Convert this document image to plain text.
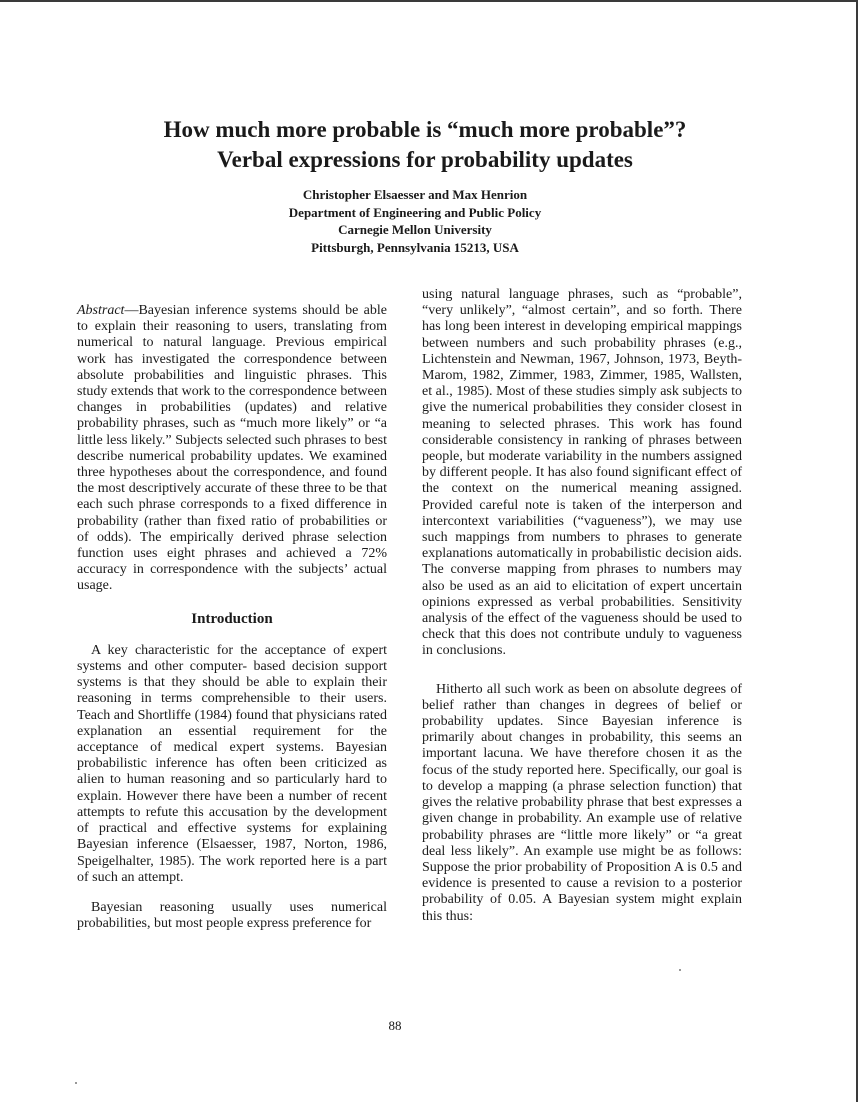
How much more probable is “much more probable”?
Verbal expressions for probability updates
Christopher Elsaesser and Max Henrion
Department of Engineering and Public Policy
Carnegie Mellon University
Pittsburgh, Pennsylvania 15213, USA

Abstract—Bayesian inference systems should be able to explain their reasoning to users, translating from numerical to natural language. Previous empirical work has investigated the correspondence between absolute probabilities and linguistic phrases. This study extends that work to the correspondence between changes in probabilities (updates) and relative probability phrases, such as “much more likely” or “a little less likely.” Subjects selected such phrases to best describe numerical probability updates. We examined three hypotheses about the correspondence, and found the most descriptively accurate of these three to be that each such phrase corresponds to a fixed difference in probability (rather than fixed ratio of probabilities or of odds). The empirically derived phrase selection function uses eight phrases and achieved a 72% accuracy in correspondence with the subjects’ actual usage.

Introduction

A key characteristic for the acceptance of expert systems and other computer- based decision support systems is that they should be able to explain their reasoning in terms comprehensible to their users. Teach and Shortliffe (1984) found that physicians rated explanation an essential requirement for the acceptance of medical expert systems. Bayesian probabilistic inference has often been criticized as alien to human reasoning and so particularly hard to explain. However there have been a number of recent attempts to refute this accusation by the development of practical and effective systems for explaining Bayesian inference (Elsaesser, 1987, Norton, 1986, Speigelhalter, 1985). The work reported here is a part of such an attempt.

Bayesian reasoning usually uses numerical probabilities, but most people express preference for

using natural language phrases, such as “probable”, “very unlikely”, “almost certain”, and so forth. There has long been interest in developing empirical mappings between numbers and such probability phrases (e.g., Lichtenstein and Newman, 1967, Johnson, 1973, Beyth-Marom, 1982, Zimmer, 1983, Zimmer, 1985, Wallsten, et al., 1985). Most of these studies simply ask subjects to give the numerical probabilities they consider closest in meaning to selected phrases. This work has found considerable consistency in ranking of phrases between people, but moderate variability in the numbers assigned by different people. It has also found significant effect of the context on the numerical meaning assigned. Provided careful note is taken of the interperson and intercontext variabilities (“vagueness”), we may use such mappings from numbers to phrases to generate explanations automatically in probabilistic decision aids. The converse mapping from phrases to numbers may also be used as an aid to elicitation of expert uncertain opinions expressed as verbal probabilities. Sensitivity analysis of the effect of the vagueness should be used to check that this does not contribute unduly to vagueness in conclusions.

Hitherto all such work as been on absolute degrees of belief rather than changes in degrees of belief or probability updates. Since Bayesian inference is primarily about changes in probability, this seems an important lacuna. We have therefore chosen it as the focus of the study reported here. Specifically, our goal is to develop a mapping (a phrase selection function) that gives the relative probability phrase that best expresses a given change in probability. An example use of relative probability phrases are “little more likely” or “a great deal less likely”. An example use might be as follows: Suppose the prior probability of Proposition A is 0.5 and evidence is presented to cause a revision to a posterior probability of 0.05. A Bayesian system might explain this thus:

88
